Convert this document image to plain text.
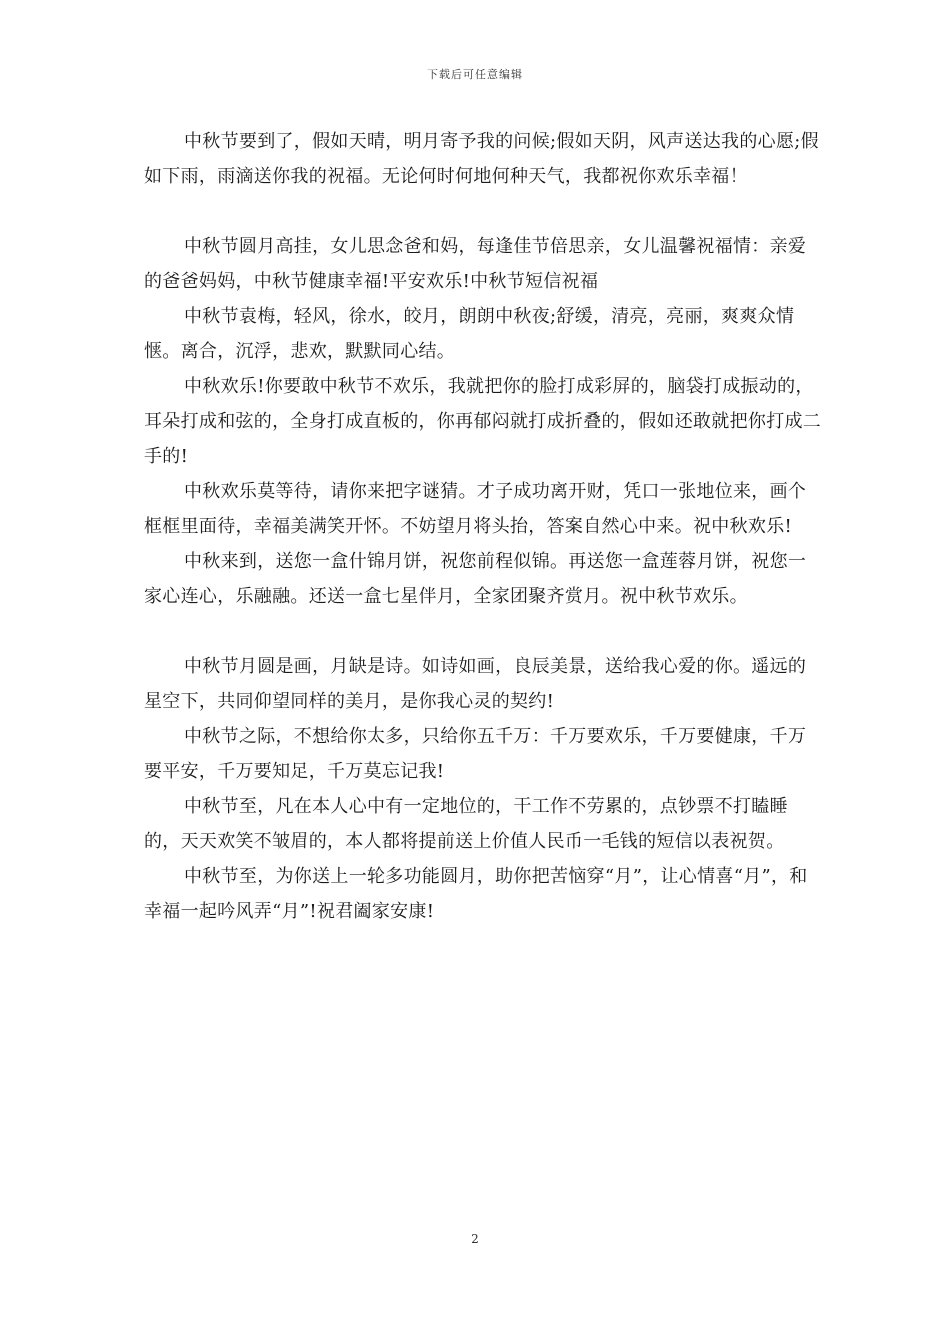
下载后可任意编辑

中秋节要到了，假如天晴，明月寄予我的问候;假如天阴，风声送达我的心愿;假如下雨，雨滴送你我的祝福。无论何时何地何种天气，我都祝你欢乐幸福！

中秋节圆月高挂，女儿思念爸和妈，每逢佳节倍思亲，女儿温馨祝福情：亲爱的爸爸妈妈，中秋节健康幸福!平安欢乐!中秋节短信祝福

中秋节袁梅，轻风，徐水，皎月，朗朗中秋夜;舒缓，清亮，亮丽，爽爽众情惬。离合，沉浮，悲欢，默默同心结。

中秋欢乐!你要敢中秋节不欢乐，我就把你的脸打成彩屏的，脑袋打成振动的，耳朵打成和弦的，全身打成直板的，你再郁闷就打成折叠的，假如还敢就把你打成二手的!

中秋欢乐莫等待，请你来把字谜猜。才子成功离开财，凭口一张地位来，画个框框里面待，幸福美满笑开怀。不妨望月将头抬，答案自然心中来。祝中秋欢乐!

中秋来到，送您一盒什锦月饼，祝您前程似锦。再送您一盒莲蓉月饼，祝您一家心连心，乐融融。还送一盒七星伴月，全家团聚齐赏月。祝中秋节欢乐。

中秋节月圆是画，月缺是诗。如诗如画，良辰美景，送给我心爱的你。遥远的星空下，共同仰望同样的美月，是你我心灵的契约!

中秋节之际，不想给你太多，只给你五千万：千万要欢乐，千万要健康，千万要平安，千万要知足，千万莫忘记我!

中秋节至，凡在本人心中有一定地位的，干工作不劳累的，点钞票不打瞌睡的，天天欢笑不皱眉的，本人都将提前送上价值人民币一毛钱的短信以表祝贺。

中秋节至，为你送上一轮多功能圆月，助你把苦恼穿“月”，让心情喜“月”，和幸福一起吟风弄“月”!祝君阖家安康!

2
